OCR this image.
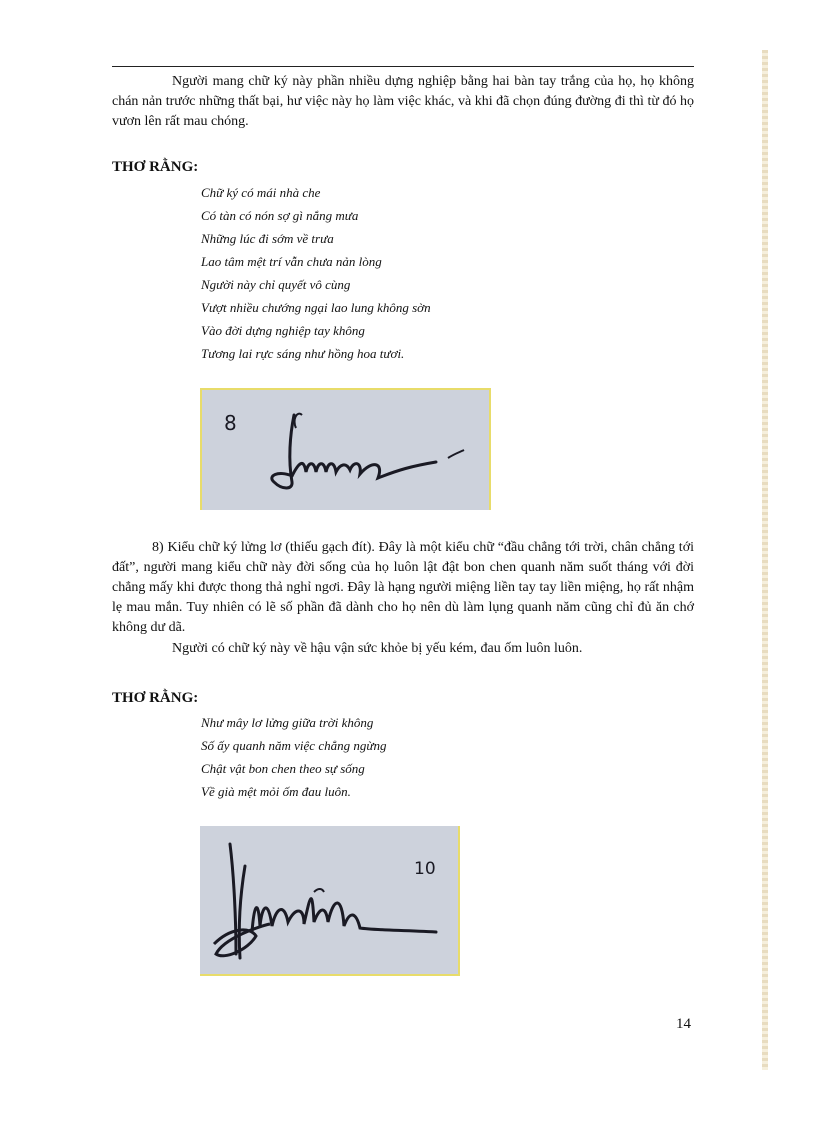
Người mang chữ ký này phần nhiều dựng nghiệp bằng hai bàn tay trắng của họ, họ không chán nản trước những thất bại, hư việc này họ làm việc khác, và khi đã chọn đúng đường đi thì từ đó họ vươn lên rất mau chóng.

THƠ RẰNG:

Chữ ký có mái nhà che
Có tàn có nón sợ gì nắng mưa
Những lúc đi sớm về trưa
Lao tâm mệt trí vẫn chưa nản lòng
Người này chỉ quyết vô cùng
Vượt nhiều chướng ngại lao lung không sờn
Vào đời dựng nghiệp tay không
Tương lai rực sáng như hồng hoa tươi.
8

8) Kiểu chữ ký lửng lơ (thiếu gạch đít). Đây là một kiểu chữ “đầu chẳng tới trời, chân chẳng tới đất”, người mang kiểu chữ này đời sống của họ luôn lật đật bon chen quanh năm suốt tháng với đời chẳng mấy khi được thong thả nghỉ ngơi. Đây là hạng người miệng liền tay tay liền miệng, họ rất nhậm lẹ mau mắn. Tuy nhiên có lẽ số phần đã dành cho họ nên dù làm lụng quanh năm cũng chỉ đủ ăn chớ không dư dã.

Người có chữ ký này về hậu vận sức khỏe bị yếu kém, đau ốm luôn luôn.

THƠ RẰNG:

Như mây lơ lửng giữa trời không
Số ấy quanh năm việc chẳng ngừng
Chật vật bon chen theo sự sống
Về già mệt mỏi ốm đau luôn.
10
14
